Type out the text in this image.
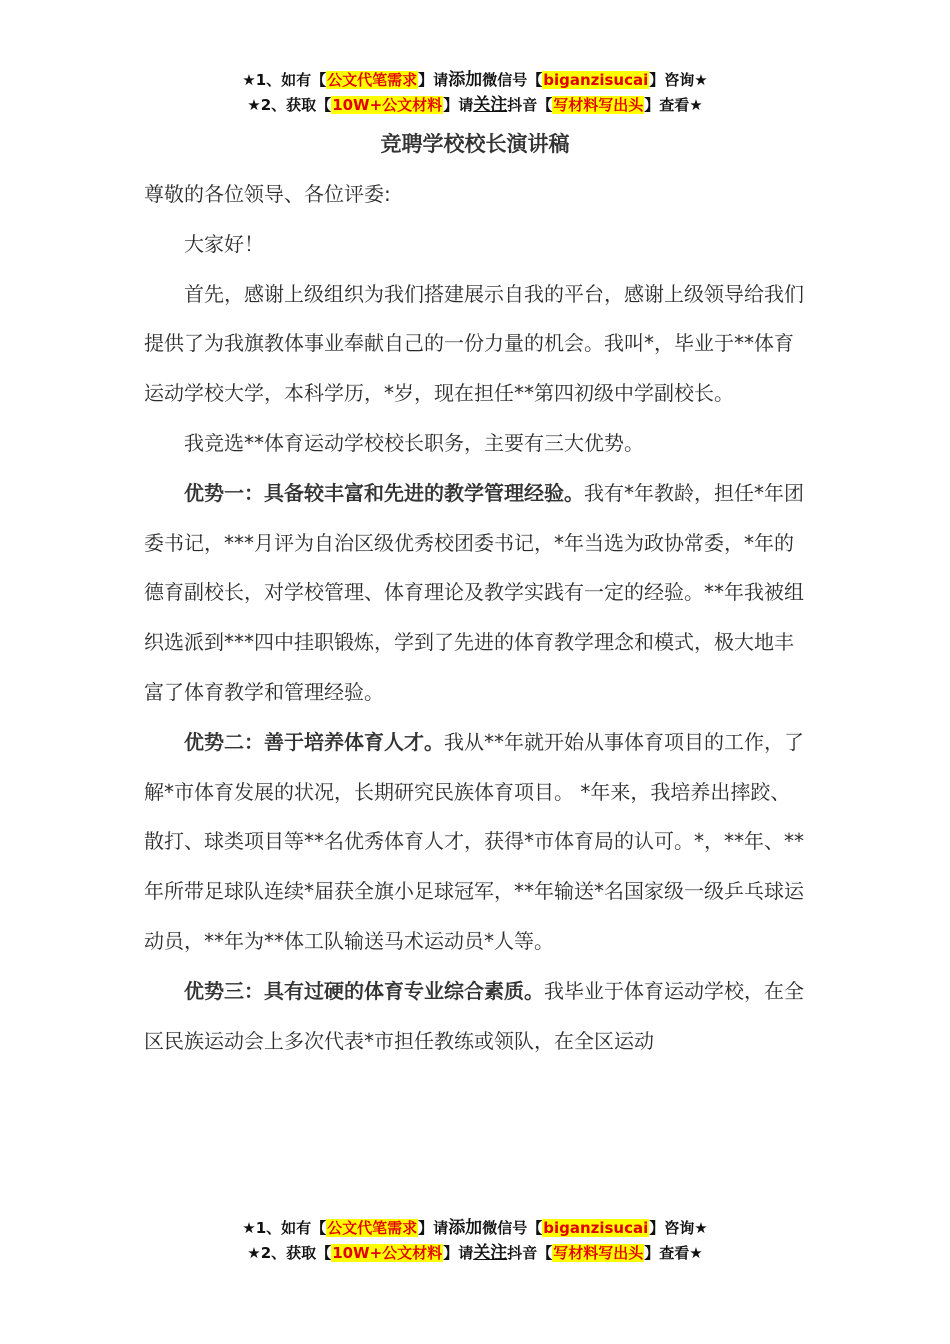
★1、如有【公文代笔需求】请添加微信号【biganzisucai】咨询★
★2、获取【10W+公文材料】请关注抖音【写材料写出头】查看★
竞聘学校校长演讲稿

尊敬的各位领导、各位评委:

大家好！

首先，感谢上级组织为我们搭建展示自我的平台，感谢上级领导给我们提供了为我旗教体事业奉献自己的一份力量的机会。我叫*，毕业于**体育运动学校大学，本科学历，*岁，现在担任**第四初级中学副校长。

我竞选**体育运动学校校长职务，主要有三大优势。

优势一：具备较丰富和先进的教学管理经验。我有*年教龄，担任*年团委书记，***月评为自治区级优秀校团委书记，*年当选为政协常委，*年的德育副校长，对学校管理、体育理论及教学实践有一定的经验。**年我被组织选派到***四中挂职锻炼，学到了先进的体育教学理念和模式，极大地丰富了体育教学和管理经验。

优势二：善于培养体育人才。我从**年就开始从事体育项目的工作，了解*市体育发展的状况，长期研究民族体育项目。 *年来，我培养出摔跤、散打、球类项目等**名优秀体育人才，获得*市体育局的认可。*，**年、**年所带足球队连续*届获全旗小足球冠军，**年输送*名国家级一级乒乓球运动员，**年为**体工队输送马术运动员*人等。

优势三：具有过硬的体育专业综合素质。我毕业于体育运动学校，在全区民族运动会上多次代表*市担任教练或领队，在全区运动

★1、如有【公文代笔需求】请添加微信号【biganzisucai】咨询★
★2、获取【10W+公文材料】请关注抖音【写材料写出头】查看★
